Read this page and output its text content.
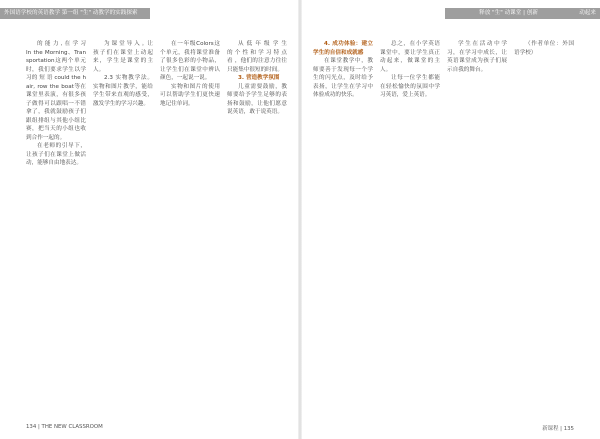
外国语学校的英语教学 第一组 "生" 动教学的实践探索	释放 "生" 动课堂 | 创新	动起来

的 能 力 , 在 学 习 In the Morning、Transportation这两个单元时，我们要求学生以学习的 短 语 could the hair, row the boat等在课堂里表演，有很多孩子做得可以跟唱一不错拿了，我就鼓励孩子们跟组排组与其他小组比赛，把当天的小组也收到合作一起的。

在老师的引导下，让孩子们在课堂上做活动，能够自由地表达。

为 课 堂 导 入 。让孩子们在课堂上动起来，学生是课堂的主人。

2.3 实物教学法。实物和图片教学，能给学生带来直观的感受，激发学生的学习兴趣。

在一年级Colors这个单元，我将课堂准备了很多色彩的小物品，让学生们在课堂中辨认颜色，一起说一说。

实物和图片的使用可以帮助学生们更快速地记住单词。

从 低 年 级 学 生 的 个 性 和 学 习 特 点 看 ，他们的注意力往往只能集中很短的时间。

3. 营造教学氛围

儿童需要鼓励，教师要给予学生足够的表扬和鼓励，让他们愿意说英语，敢于说英语。

4. 成功体验：建立学生的自信和成就感

在课堂教学中，教师要善于发现每一个学生的闪光点，及时给予表扬，让学生在学习中体验成功的快乐。

总之，在小学英语课堂中，要让学生真正动起来，做课堂的主人。

让每一位学生都能在轻松愉快的氛围中学习英语，爱上英语。

学生在活动中学习，在学习中成长，让英语课堂成为孩子们展示自我的舞台。

（作者单位：外国语学校）

134 | THE NEW CLASSROOM	新课程 | 135
